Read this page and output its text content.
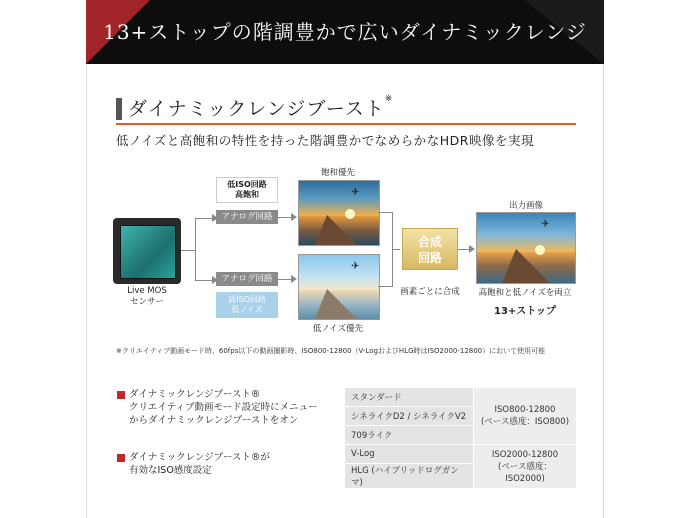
13+ストップの階調豊かで広いダイナミックレンジ
ダイナミックレンジブースト※
低ノイズと高飽和の特性を持った階調豊かでなめらかなHDR映像を実現
Live MOS
センサー
低ISO回路
高飽和
アナログ回路
アナログ回路
高ISO回路
低ノイズ
飽和優先
✈
✈
低ノイズ優先
合成
回路
画素ごとに合成
出力画像
✈
高飽和と低ノイズを両立
13+ストップ
※クリエイティブ動画モード時、60fps以下の動画撮影時、ISO800-12800（V-LogおよびHLG時はISO2000-12800）において使用可能
ダイナミックレンジブースト®
クリエイティブ動画モード設定時にメニュー
からダイナミックレンジブーストをオン
ダイナミックレンジブースト®が
有効なISO感度設定
スタンダード	ISO800-12800
(ベース感度：ISO800)
シネライクD2 / シネライクV2	
709ライク	
V-Log	ISO2000-12800
(ベース感度：ISO2000)
HLG (ハイブリッドログガンマ)	
